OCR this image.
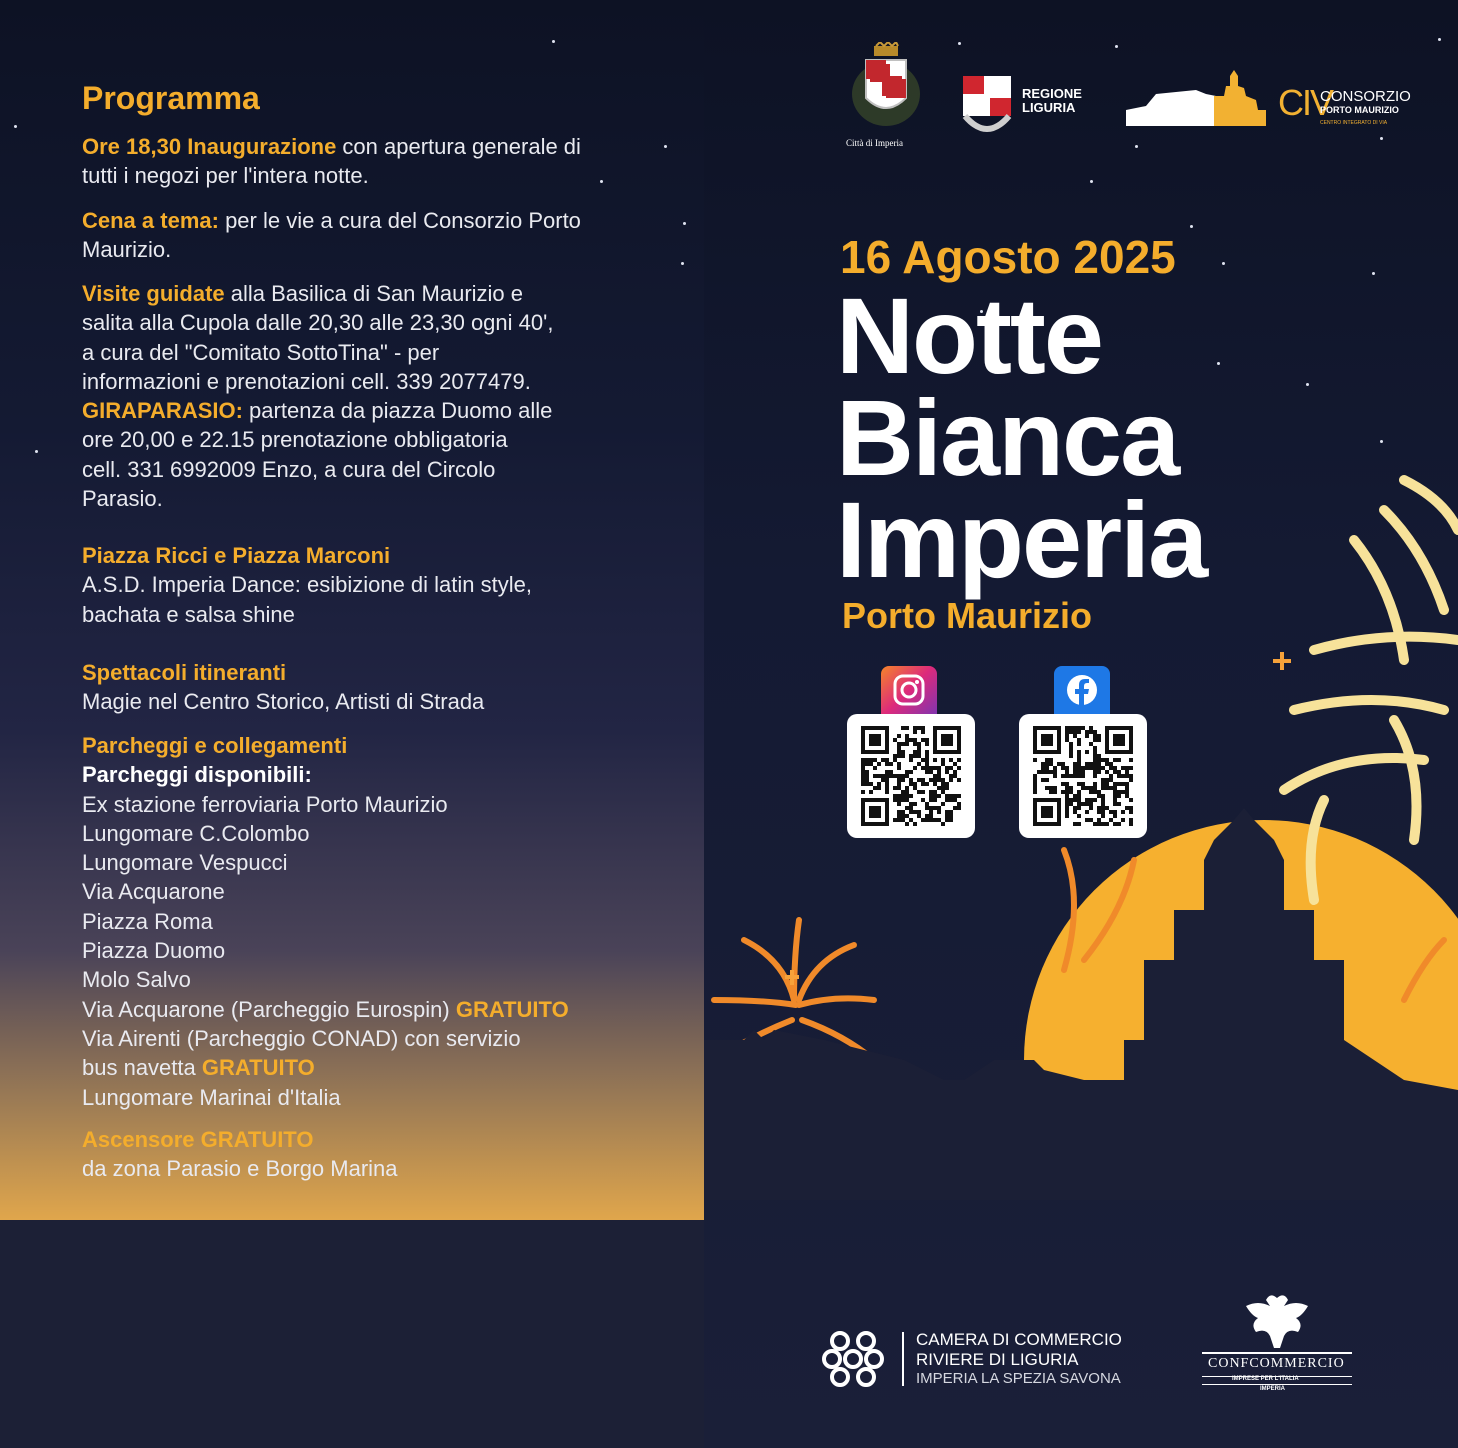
Programma
Ore 18,30 Inaugurazione con apertura generale di
tutti i negozi per l'intera notte.
Cena a tema: per le vie a cura del Consorzio Porto
Maurizio.
Visite guidate alla Basilica di San Maurizio e
salita alla Cupola dalle 20,30 alle 23,30 ogni 40',
a cura del "Comitato SottoTina" - per
informazioni e prenotazioni cell. 339 2077479.
GIRAPARASIO: partenza da piazza Duomo alle
ore 20,00 e 22.15 prenotazione obbligatoria
cell. 331 6992009 Enzo, a cura del Circolo
Parasio.
Piazza Ricci e Piazza Marconi
A.S.D. Imperia Dance: esibizione di latin style,
bachata e salsa shine
Spettacoli itineranti
Magie nel Centro Storico, Artisti di Strada
Parcheggi e collegamenti
Parcheggi disponibili:
Ex stazione ferroviaria Porto Maurizio
Lungomare C.Colombo
Lungomare Vespucci
Via Acquarone
Piazza Roma
Piazza Duomo
Molo Salvo
Via Acquarone (Parcheggio Eurospin) GRATUITO
Via Airenti (Parcheggio CONAD) con servizio
bus navetta GRATUITO
Lungomare Marinai d'Italia
Ascensore GRATUITO
da zona Parasio e Borgo Marina
Città di Imperia
REGIONE
LIGURIA	CIV
CONSORZIO
PORTO MAURIZIO
CENTRO INTEGRATO DI VIA
16 Agosto 2025
Notte
Bianca
Imperia
Porto Maurizio
CAMERA DI COMMERCIO
RIVIERE DI LIGURIA
IMPERIA LA SPEZIA SAVONA
CONFCOMMERCIO
IMPRESE PER L'ITALIA
IMPERIA
